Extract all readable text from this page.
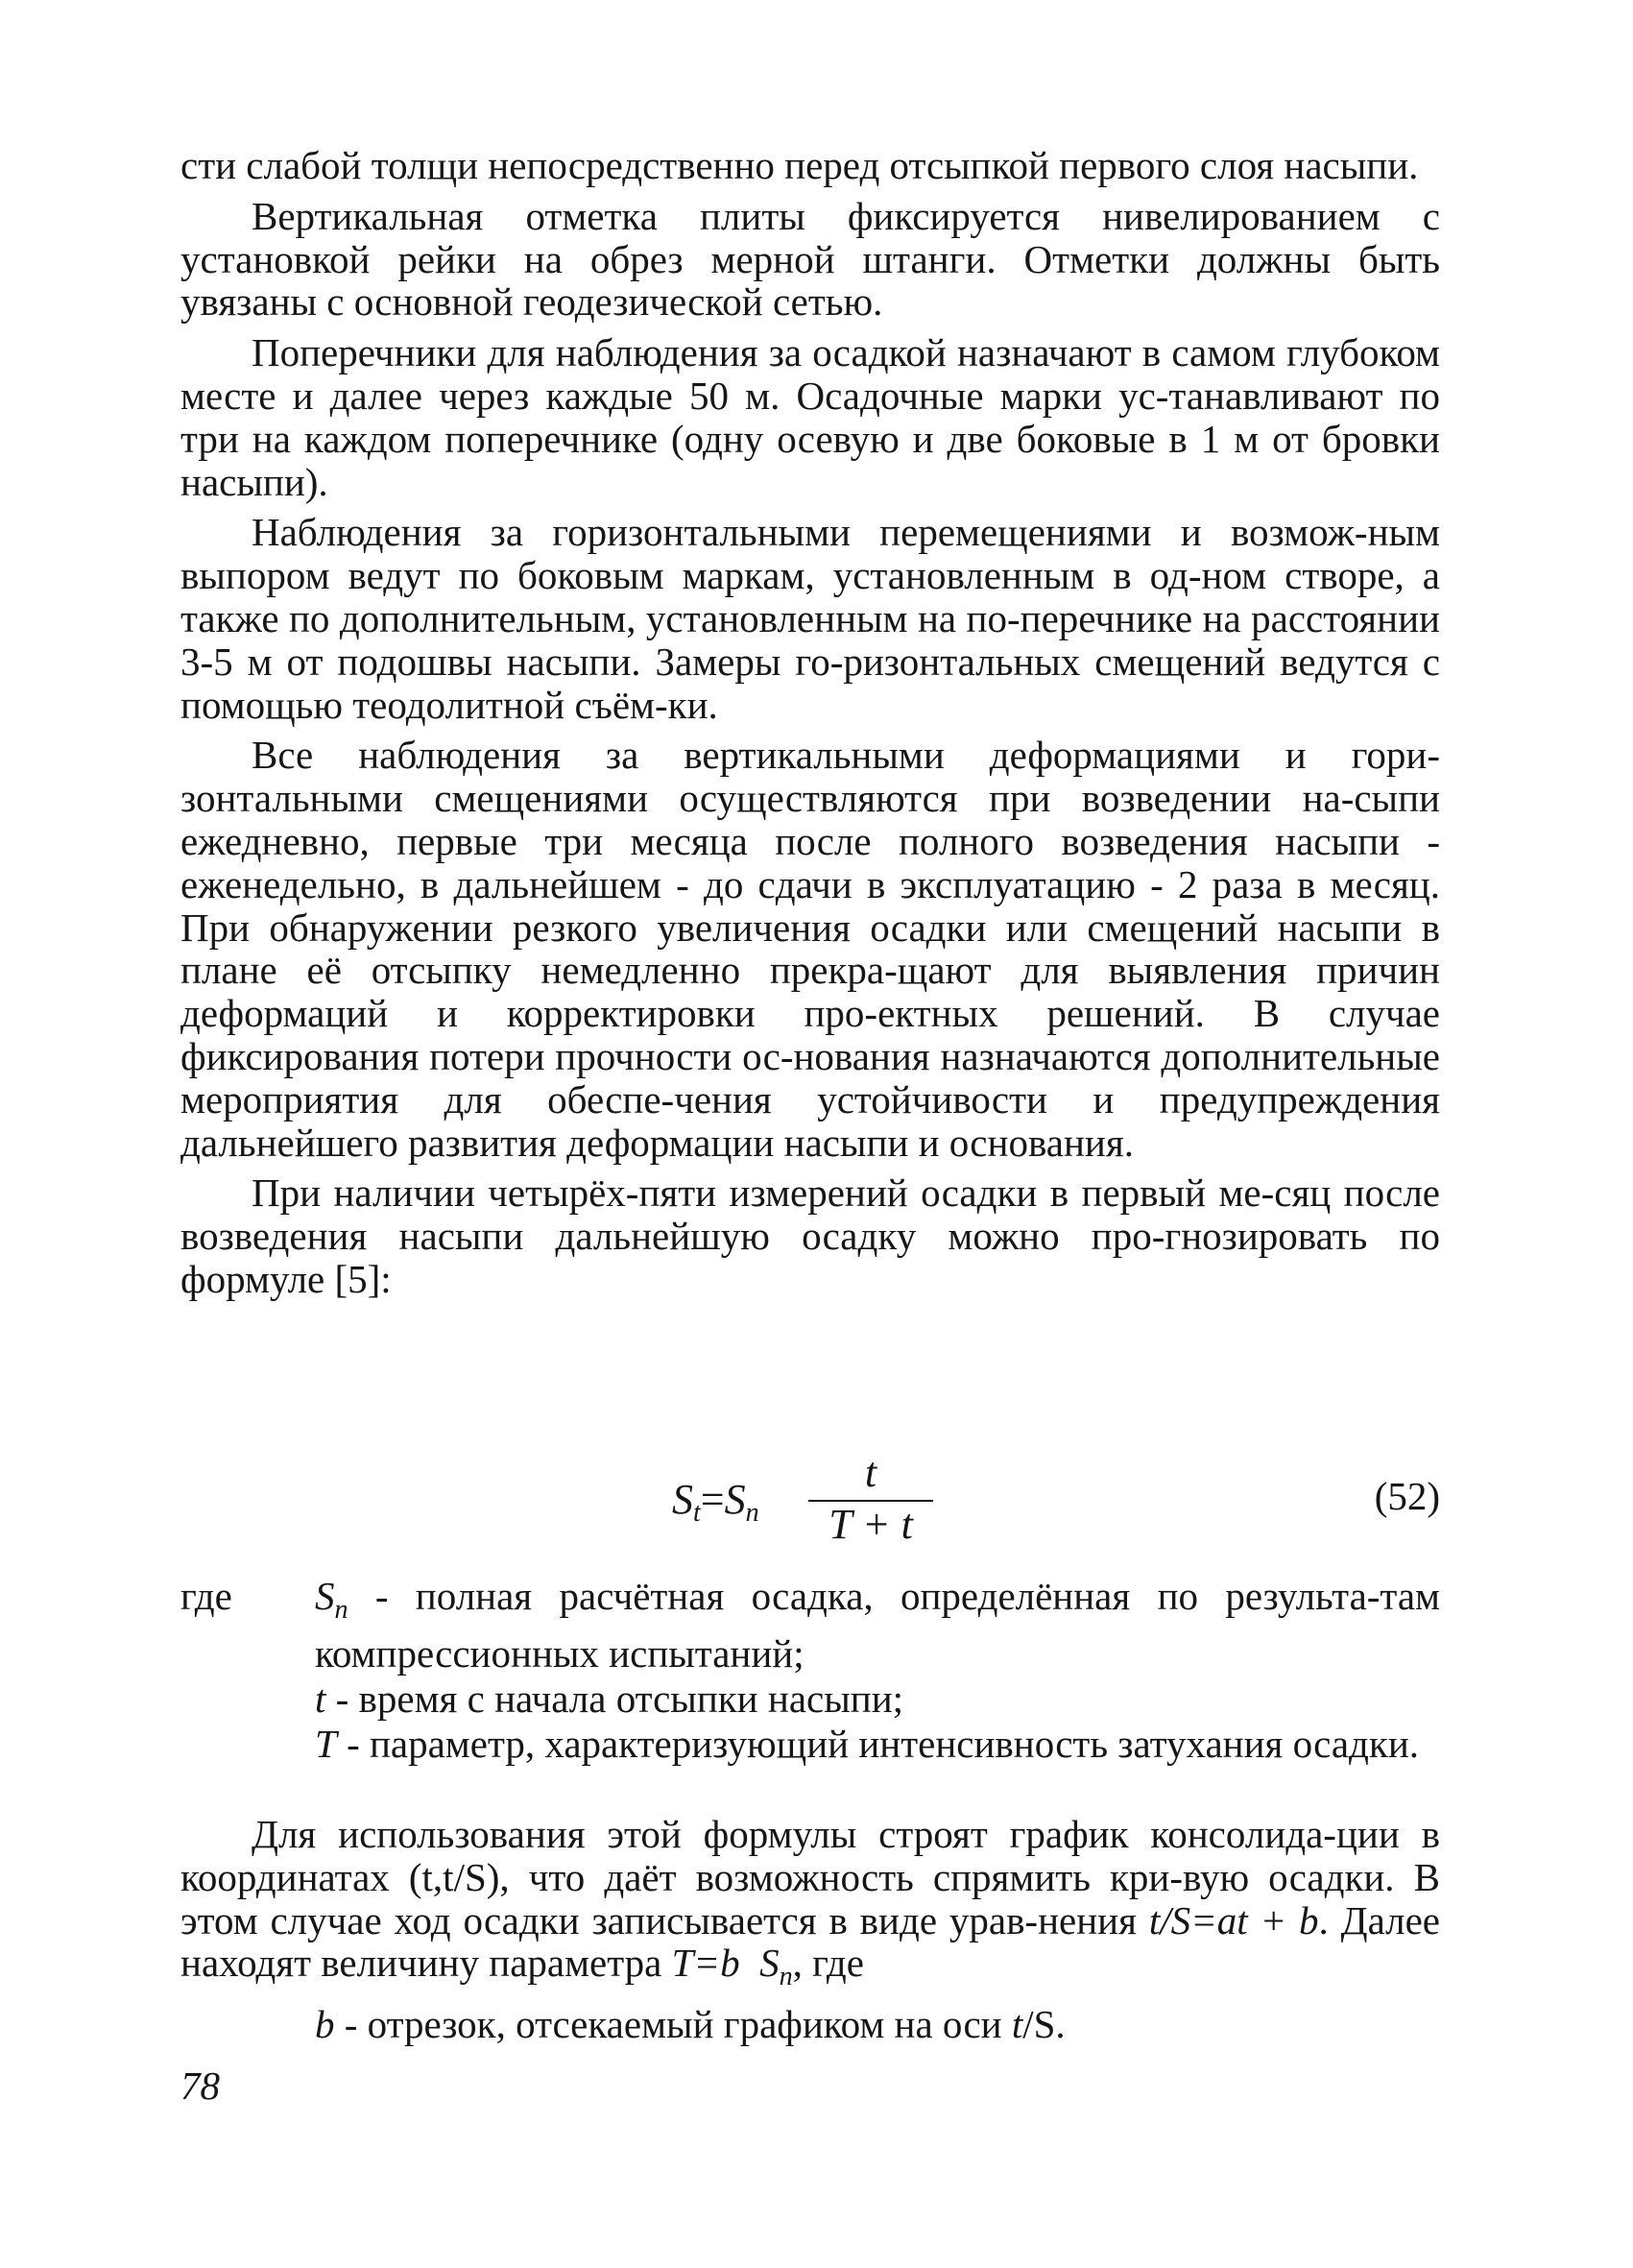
сти слабой толщи непосредственно перед отсыпкой первого слоя насыпи.

Вертикальная отметка плиты фиксируется нивелированием с установкой рейки на обрез мерной штанги. Отметки должны быть увязаны с основной геодезической сетью.

Поперечники для наблюдения за осадкой назначают в самом глубоком месте и далее через каждые 50 м. Осадочные марки ус-танавливают по три на каждом поперечнике (одну осевую и две боковые в 1 м от бровки насыпи).

Наблюдения за горизонтальными перемещениями и возмож-ным выпором ведут по боковым маркам, установленным в од-ном створе, а также по дополнительным, установленным на по-перечнике на расстоянии 3-5 м от подошвы насыпи. Замеры го-ризонтальных смещений ведутся с помощью теодолитной съём-ки.

Все наблюдения за вертикальными деформациями и гори-зонтальными смещениями осуществляются при возведении на-сыпи ежедневно, первые три месяца после полного возведения насыпи - еженедельно, в дальнейшем - до сдачи в эксплуатацию - 2 раза в месяц. При обнаружении резкого увеличения осадки или смещений насыпи в плане её отсыпку немедленно прекра-щают для выявления причин деформаций и корректировки про-ектных решений. В случае фиксирования потери прочности ос-нования назначаются дополнительные мероприятия для обеспе-чения устойчивости и предупреждения дальнейшего развития деформации насыпи и основания.

При наличии четырёх-пяти измерений осадки в первый ме-сяц после возведения насыпи дальнейшую осадку можно про-гнозировать по формуле [5]:

$S_t=S_n$
t
T + t
(52)
где $S_n$ - полная расчётная осадка, определённая по результа-там компрессионных испытаний;

t - время с начала отсыпки насыпи;

T - параметр, характеризующий интенсивность затухания осадки.

Для использования этой формулы строят график консолида-ции в координатах (t,t/S), что даёт возможность спрямить кри-вую осадки. В этом случае ход осадки записывается в виде урав-нения t/S=at + b. Далее находят величину параметра T=b $S_n$, где

b - отрезок, отсекаемый графиком на оси t/S.
78
